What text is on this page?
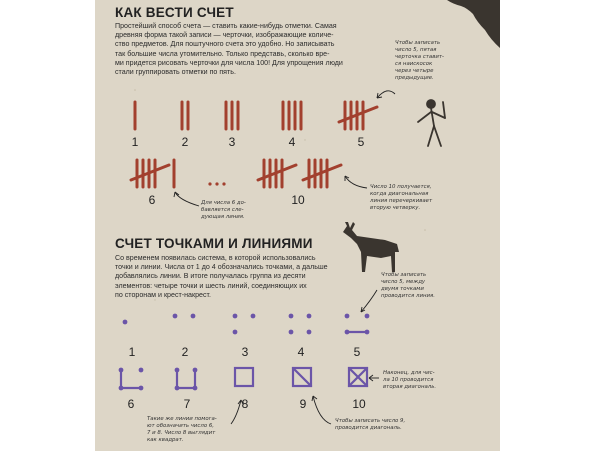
КАК ВЕСТИ СЧЕТ
Простейший способ счета — ставить какие-нибудь отметки. Самая
древняя форма такой записи — черточки, изображающие количе-
ство предметов. Для поштучного счета это удобно. Но записывать
так большие числа утомительно. Только представь, сколько вре-
ми придется рисовать черточки для числа 100! Для упрощения люди
стали группировать отметки по пять.
1	2	3	4	5
6	10
Чтобы записать
число 5, пятая
черточка ставит-
ся наискосок
через четыре
предыдущие.
Для числа 6 до-
бавляется сле-
дующая линия.
Число 10 получается,
когда диагональная
линия перечеркивает
вторую четверку.
СЧЕТ ТОЧКАМИ И ЛИНИЯМИ
Со временем появилась система, в которой использовались
точки и линии. Числа от 1 до 4 обозначались точками, а дальше
добавлялись линии. В итоге получалась группа из десяти
элементов: четыре точки и шесть линий, соединяющих их
по сторонам и крест-накрест.
1	2	3	4	5
6	7	8	9	10
Чтобы записать
число 5, между
двумя точками
проводится линия.
Наконец, для чис-
ла 10 проводится
вторая диагональ.
Чтобы записать число 9,
проводится диагональ.
Такие же линии помога-
ют обозначить число 6,
7 и 8. Число 8 выглядит
как квадрат.
